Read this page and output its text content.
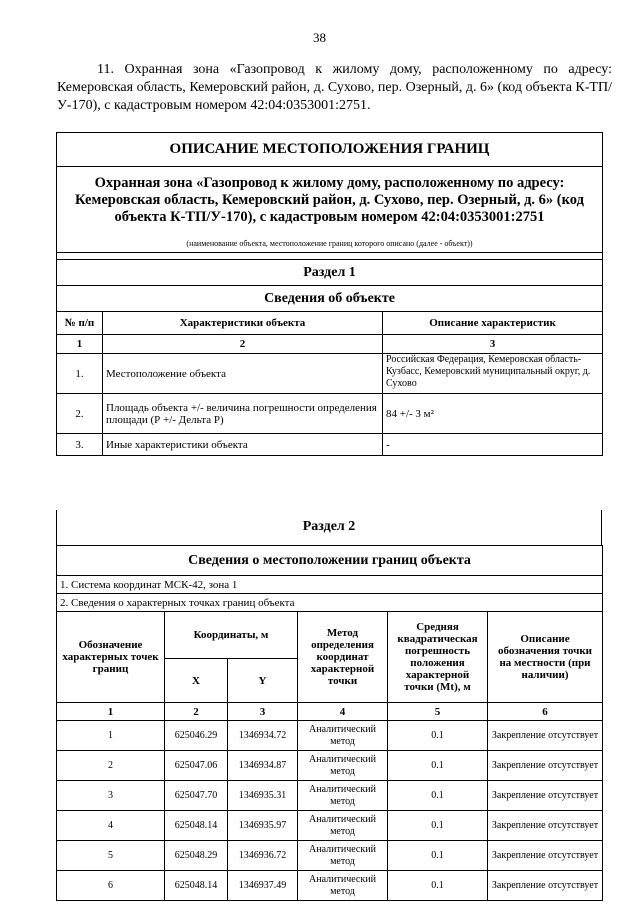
38
11. Охранная зона «Газопровод к жилому дому, расположенному по адресу: Кемеровская область, Кемеровский район, д. Сухово, пер. Озерный, д. 6» (код объекта К-ТП/У-170), с кадастровым номером 42:04:0353001:2751.
ОПИСАНИЕ МЕСТОПОЛОЖЕНИЯ ГРАНИЦ		
Охранная зона «Газопровод к жилому дому, расположенному по адресу: Кемеровская область, Кемеровский район, д. Сухово, пер. Озерный, д. 6» (код объекта К-ТП/У-170), с кадастровым номером 42:04:0353001:2751		
(наименование объекта, местоположение границ которого описано (далее - объект))		

Раздел 1		
Сведения об объекте		
№ п/п	Характеристики объекта	Описание характеристик
1	2	3
1.	Местоположение объекта	Российская Федерация, Кемеровская область-Кузбасс, Кемеровский муниципальный округ, д. Сухово
2.	Площадь объекта +/- величина погрешности определения площади (Р +/- Дельта Р)	84 +/- 3 м²
3.	Иные характеристики объекта	-
Раздел 2
Сведения о местоположении границ объекта					
1. Система координат МСК-42, зона 1					
2. Сведения о характерных точках границ объекта					
Обозначение характерных точек границ	Координаты, м		Метод определения координат характерной точки	Средняя квадратическая погрешность положения характерной точки (Mt), м	Описание обозначения точки на местности (при наличии)
	X	Y			
1	2	3	4	5	6
1	625046.29	1346934.72	Аналитический метод	0.1	Закрепление отсутствует
2	625047.06	1346934.87	Аналитический метод	0.1	Закрепление отсутствует
3	625047.70	1346935.31	Аналитический метод	0.1	Закрепление отсутствует
4	625048.14	1346935.97	Аналитический метод	0.1	Закрепление отсутствует
5	625048.29	1346936.72	Аналитический метод	0.1	Закрепление отсутствует
6	625048.14	1346937.49	Аналитический метод	0.1	Закрепление отсутствует
